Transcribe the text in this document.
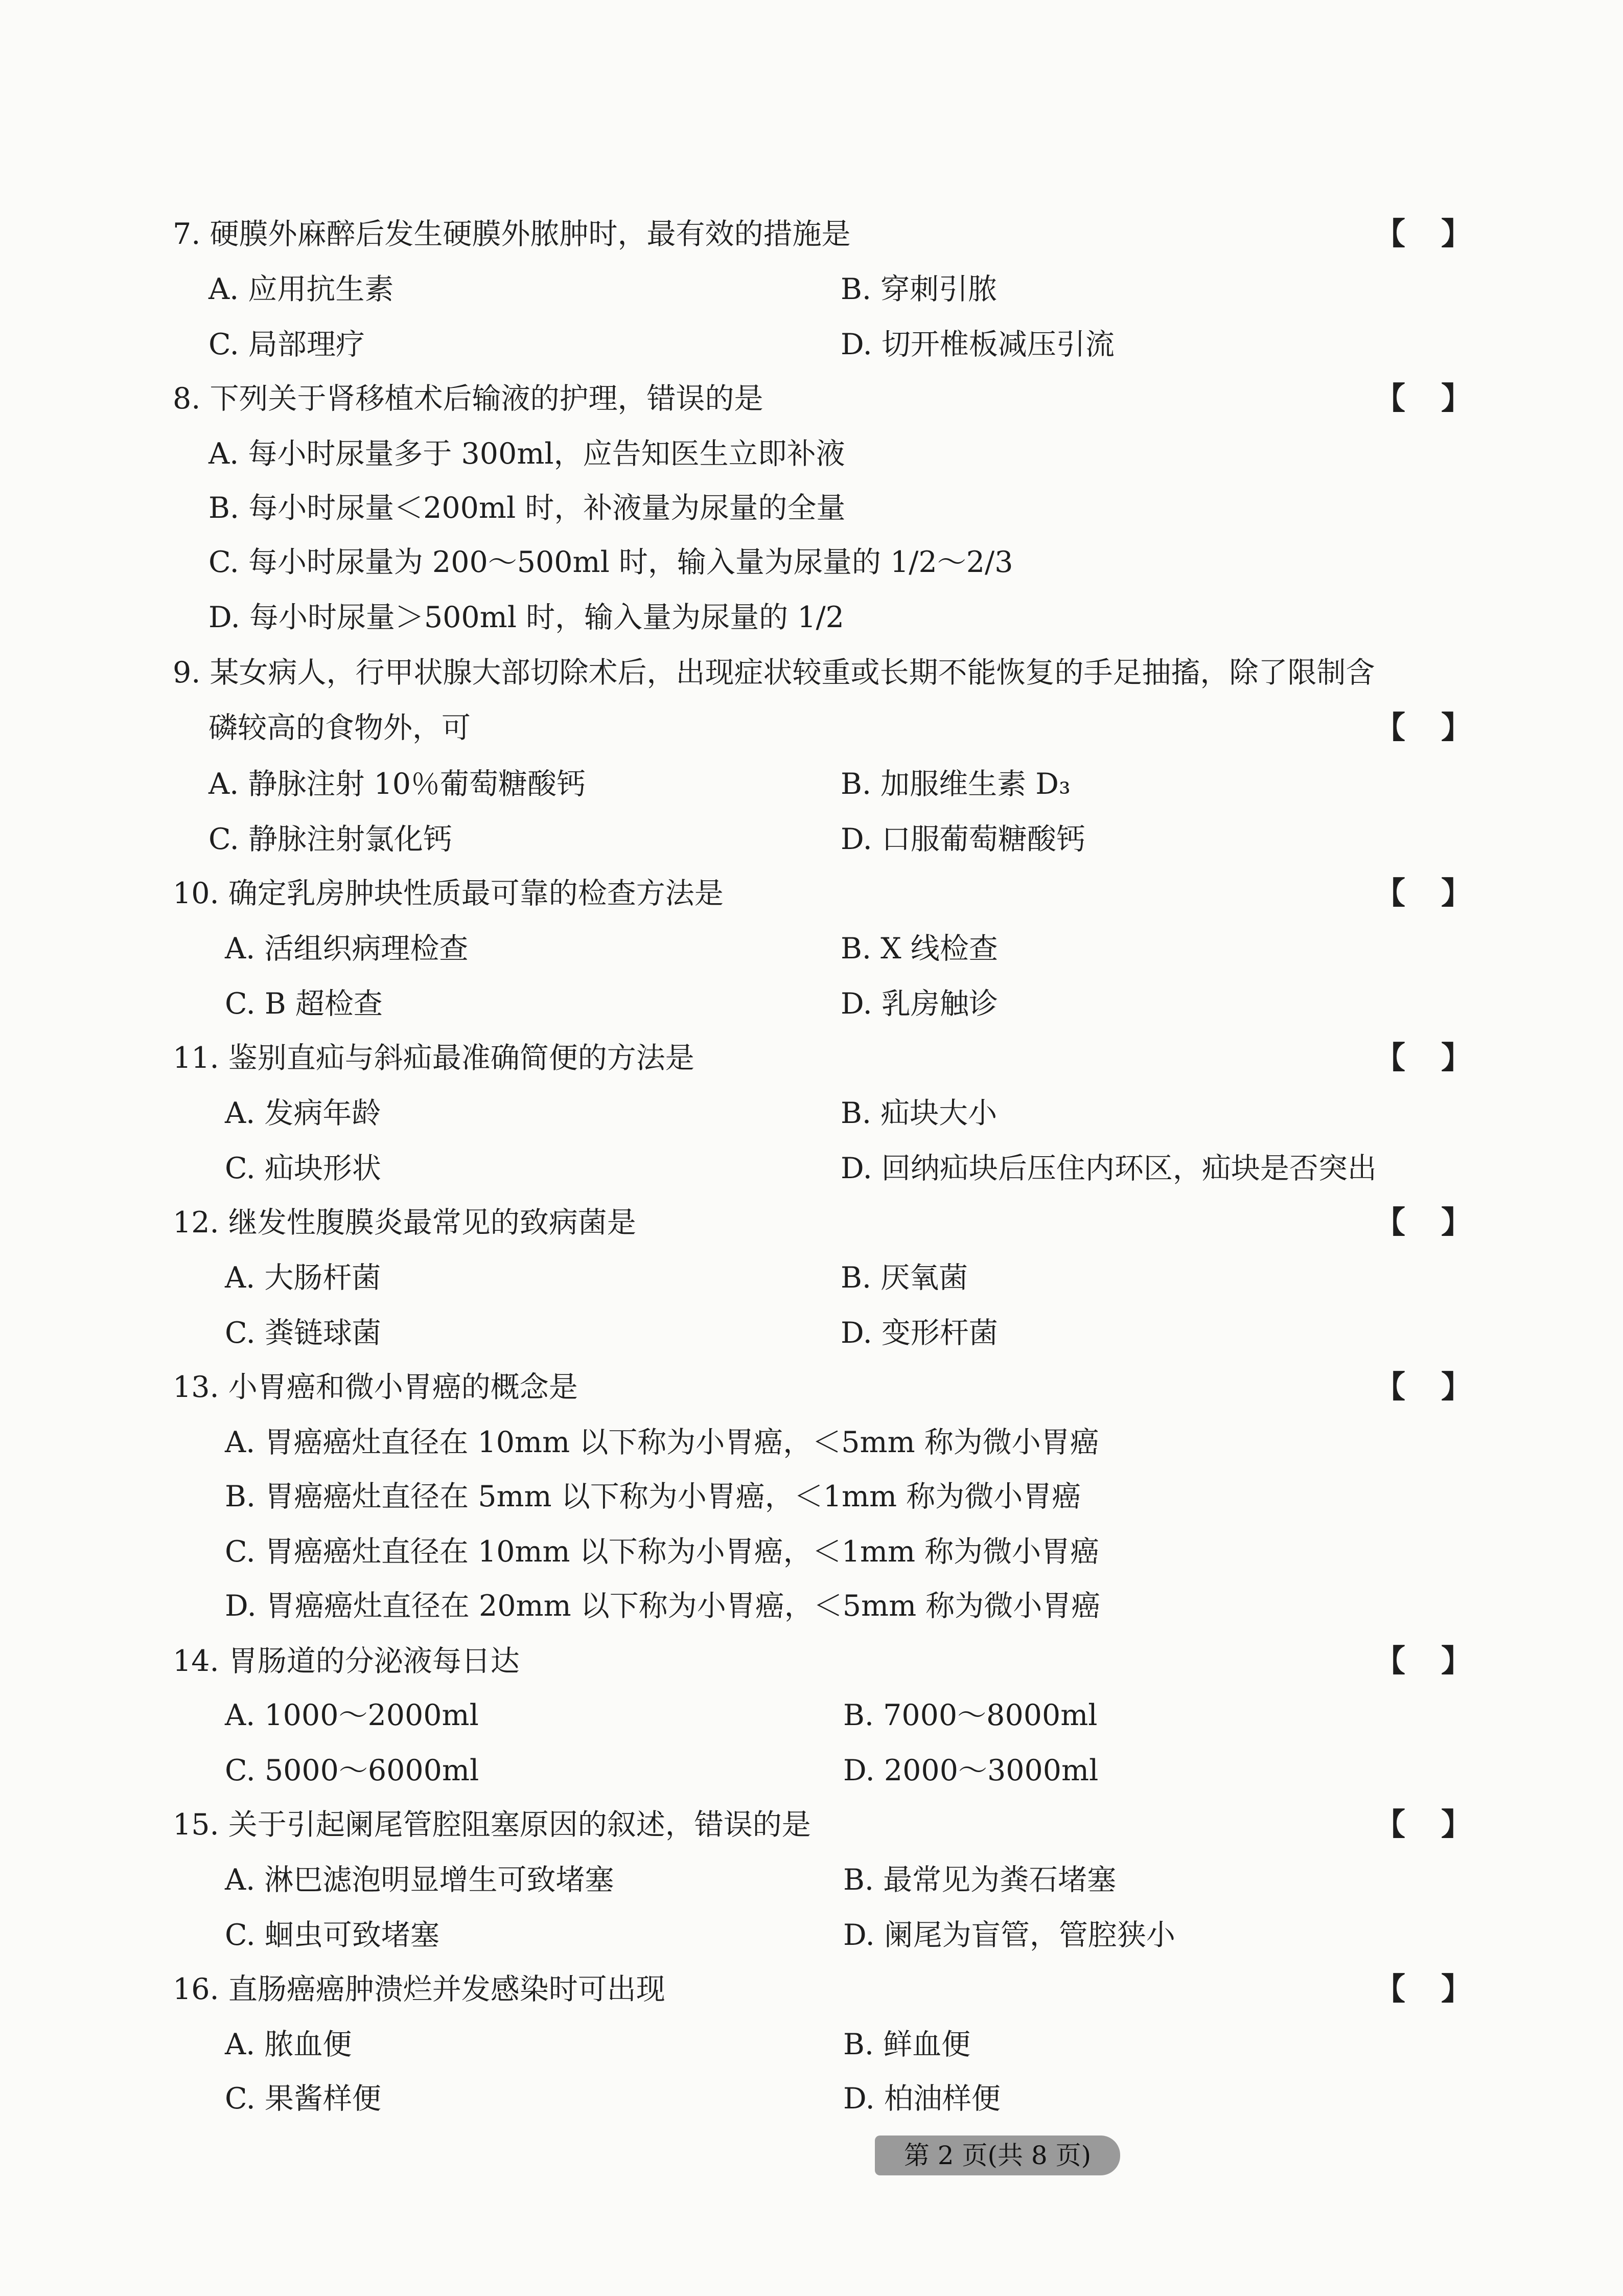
7. 硬膜外麻醉后发生硬膜外脓肿时，最有效的措施是	【 】
A. 应用抗生素	B. 穿刺引脓
C. 局部理疗	D. 切开椎板减压引流
8. 下列关于肾移植术后输液的护理，错误的是	【 】
A. 每小时尿量多于 300ml，应告知医生立即补液
B. 每小时尿量＜200ml 时，补液量为尿量的全量
C. 每小时尿量为 200～500ml 时，输入量为尿量的 1/2～2/3
D. 每小时尿量＞500ml 时，输入量为尿量的 1/2
9. 某女病人，行甲状腺大部切除术后，出现症状较重或长期不能恢复的手足抽搐，除了限制含
磷较高的食物外，可	【 】
A. 静脉注射 10％葡萄糖酸钙	B. 加服维生素 D₃
C. 静脉注射氯化钙	D. 口服葡萄糖酸钙
10. 确定乳房肿块性质最可靠的检查方法是	【 】
A. 活组织病理检查	B. X 线检查
C. B 超检查	D. 乳房触诊
11. 鉴别直疝与斜疝最准确简便的方法是	【 】
A. 发病年龄	B. 疝块大小
C. 疝块形状	D. 回纳疝块后压住内环区，疝块是否突出
12. 继发性腹膜炎最常见的致病菌是	【 】
A. 大肠杆菌	B. 厌氧菌
C. 粪链球菌	D. 变形杆菌
13. 小胃癌和微小胃癌的概念是	【 】
A. 胃癌癌灶直径在 10mm 以下称为小胃癌，＜5mm 称为微小胃癌
B. 胃癌癌灶直径在 5mm 以下称为小胃癌，＜1mm 称为微小胃癌
C. 胃癌癌灶直径在 10mm 以下称为小胃癌，＜1mm 称为微小胃癌
D. 胃癌癌灶直径在 20mm 以下称为小胃癌，＜5mm 称为微小胃癌
14. 胃肠道的分泌液每日达	【 】
A. 1000～2000ml	B. 7000～8000ml
C. 5000～6000ml	D. 2000～3000ml
15. 关于引起阑尾管腔阻塞原因的叙述，错误的是	【 】
A. 淋巴滤泡明显增生可致堵塞	B. 最常见为粪石堵塞
C. 蛔虫可致堵塞	D. 阑尾为盲管，管腔狭小
16. 直肠癌癌肿溃烂并发感染时可出现	【 】
A. 脓血便	B. 鲜血便
C. 果酱样便	D. 柏油样便
第 2 页(共 8 页)
